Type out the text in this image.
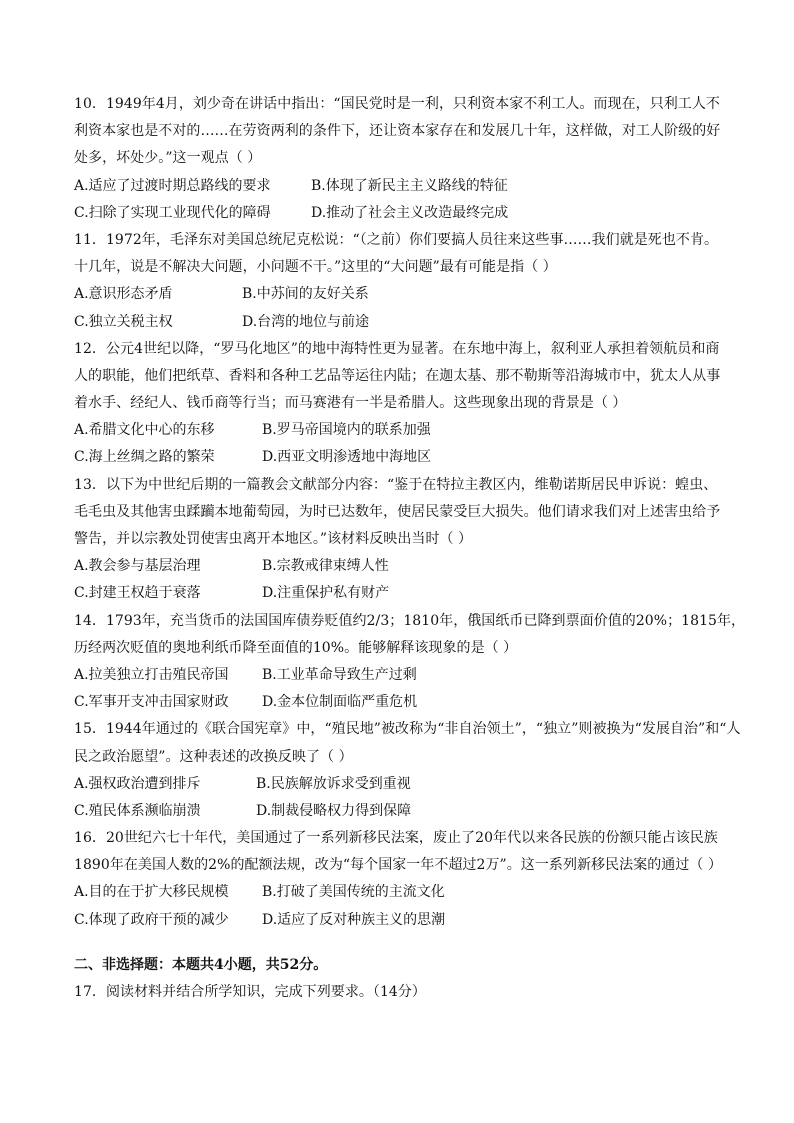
10．1949年4月，刘少奇在讲话中指出：“国民党时是一利，只利资本家不利工人。而现在，只利工人不
利资本家也是不对的……在劳资两利的条件下，还让资本家存在和发展几十年，这样做，对工人阶级的好
处多，坏处少。”这一观点（ ）
A.适应了过渡时期总路线的要求	B.体现了新民主主义路线的特征
C.扫除了实现工业现代化的障碍	D.推动了社会主义改造最终完成
11．1972年，毛泽东对美国总统尼克松说：“（之前）你们要搞人员往来这些事……我们就是死也不肯。
十几年，说是不解决大问题，小问题不干。”这里的“大问题”最有可能是指（ ）
A.意识形态矛盾	B.中苏间的友好关系
C.独立关税主权	D.台湾的地位与前途
12．公元4世纪以降，“罗马化地区”的地中海特性更为显著。在东地中海上，叙利亚人承担着领航员和商
人的职能，他们把纸草、香料和各种工艺品等运往内陆；在迦太基、那不勒斯等沿海城市中，犹太人从事
着水手、经纪人、钱币商等行当；而马赛港有一半是希腊人。这些现象出现的背景是（ ）
A.希腊文化中心的东移	B.罗马帝国境内的联系加强
C.海上丝绸之路的繁荣	D.西亚文明渗透地中海地区
13．以下为中世纪后期的一篇教会文献部分内容：“鉴于在特拉主教区内，维勒诺斯居民申诉说：蝗虫、
毛毛虫及其他害虫蹂躏本地葡萄园，为时已达数年，使居民蒙受巨大损失。他们请求我们对上述害虫给予
警告，并以宗教处罚使害虫离开本地区。”该材料反映出当时（ ）
A.教会参与基层治理	B.宗教戒律束缚人性
C.封建王权趋于衰落	D.注重保护私有财产
14．1793年，充当货币的法国国库债券贬值约2/3；1810年，俄国纸币已降到票面价值的20%；1815年，
历经两次贬值的奥地利纸币降至面值的10%。能够解释该现象的是（ ）
A.拉美独立打击殖民帝国 B.工业革命导致生产过剩
C.军事开支冲击国家财政 D.金本位制面临严重危机
15．1944年通过的《联合国宪章》中，“殖民地”被改称为“非自治领土”，“独立”则被换为“发展自治”和“人
民之政治愿望”。这种表述的改换反映了（ ）
A.强权政治遭到排斥	B.民族解放诉求受到重视
C.殖民体系濒临崩溃	D.制裁侵略权力得到保障
16．20世纪六七十年代，美国通过了一系列新移民法案，废止了20年代以来各民族的份额只能占该民族
1890年在美国人数的2%的配额法规，改为“每个国家一年不超过2万”。这一系列新移民法案的通过（ ）
A.目的在于扩大移民规模 B.打破了美国传统的主流文化
C.体现了政府干预的减少 D.适应了反对种族主义的思潮
二、非选择题：本题共4小题，共52分。
17．阅读材料并结合所学知识，完成下列要求。（14分）
